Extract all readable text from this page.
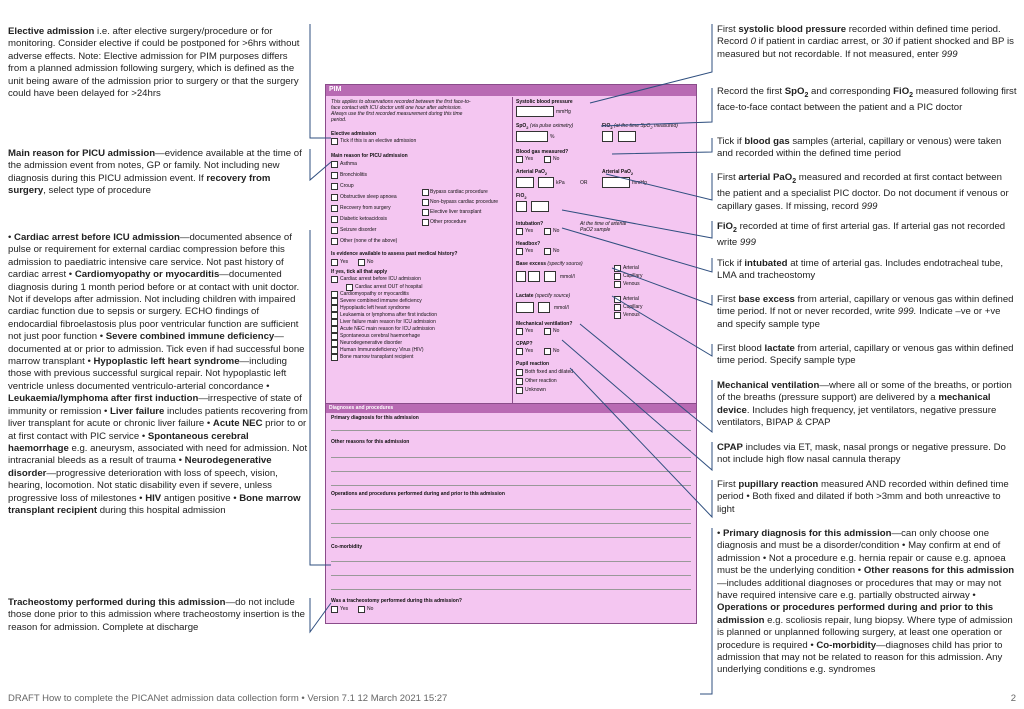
Elective admission i.e. after elective surgery/procedure or for monitoring. Consider elective if could be postponed for >6hrs without adverse effects. Note: Elective admission for PIM purposes differs from a planned admission following surgery, which is defined as the unit being aware of the admission prior to surgery or that the surgery could have been delayed for >24hrs
Main reason for PICU admission—evidence available at the time of the admission event from notes, GP or family. Not including new diagnosis during this PICU admission event. If recovery from surgery, select type of procedure
• Cardiac arrest before ICU admission—documented absence of pulse or requirement for external cardiac compression before this admission to paediatric intensive care service. Not past history of cardiac arrest • Cardiomyopathy or myocarditis—documented diagnosis during 1 month period before or at contact with unit doctor. Not if develops after admission. Not including children with impaired cardiac function due to sepsis or surgery. ECHO findings of endocardial fibroelastosis plus poor ventricular function are sufficient not just poor function • Severe combined immune deficiency—documented at or prior to admission. Tick even if had successful bone marrow transplant • Hypoplastic left heart syndrome—including those with previous successful surgical repair. Not hypoplastic left ventricle unless documented ventriculo-arterial concordance • Leukaemia/lymphoma after first induction—irrespective of state of immunity or remission • Liver failure includes patients recovering from liver transplant for acute or chronic liver failure • Acute NEC prior to or at first contact with PIC service • Spontaneous cerebral haemorrhage e.g. aneurysm, associated with need for admission. Not intracranial bleeds as a result of trauma • Neurodegenerative disorder—progressive deterioration with loss of speech, vision, hearing, locomotion. Not static disability even if severe, unless progressive loss of milestones • HIV antigen positive • Bone marrow transplant recipient during this hospital admission
Tracheostomy performed during this admission—do not include those done prior to this admission where tracheostomy insertion is the reason for admission. Complete at discharge
First systolic blood pressure recorded within defined time period. Record 0 if patient in cardiac arrest, or 30 if patient shocked and BP is measured but not recordable. If not measured, enter 999
Record the first SpO$_2$ and corresponding FiO$_2$ measured following first face-to-face contact between the patient and a PIC doctor
Tick if blood gas samples (arterial, capillary or venous) were taken and recorded within the defined time period
First arterial PaO$_2$ measured and recorded at first contact between the patient and a specialist PIC doctor. Do not document if venous or capillary gases. If missing, record 999
FiO$_2$ recorded at time of first arterial gas. If arterial gas not recorded write 999
Tick if intubated at time of arterial gas. Includes endotracheal tube, LMA and tracheostomy
First base excess from arterial, capillary or venous gas within defined time period. If not or never recorded, write 999. Indicate –ve or +ve and specify sample type
First blood lactate from arterial, capillary or venous gas within defined time period. Specify sample type
Mechanical ventilation—where all or some of the breaths, or portion of the breaths (pressure support) are delivered by a mechanical device. Includes high frequency, jet ventilators, negative pressure ventilators, BIPAP & CPAP
CPAP includes via ET, mask, nasal prongs or negative pressure. Do not include high flow nasal cannula therapy
First pupillary reaction measured AND recorded within defined time period • Both fixed and dilated if both >3mm and both unreactive to light
• Primary diagnosis for this admission—can only choose one diagnosis and must be a disorder/condition • May confirm at end of admission • Not a procedure e.g. hernia repair or cause e.g. apnoea must be the underlying condition • Other reasons for this admission—includes additional diagnoses or procedures that may or may not have required intensive care e.g. partially obstructed airway • Operations or procedures performed during and prior to this admission e.g. scoliosis repair, lung biopsy. Where type of admission is planned or unplanned following surgery, at least one operation or procedure is required • Co-morbidity—diagnoses child has prior to admission that may not be related to reason for this admission. Any underlying conditions e.g. syndromes
PIM
This applies to observations recorded between the first face-to-
face contact with ICU doctor until one hour after admission.
Always use the first recorded measurement during this time
period.
Elective admission
Tick if this is an elective admission
Main reason for PICU admission
Asthma
Bronchiolitis
Croup
Obstructive sleep apnoea
Recovery from surgery
Diabetic ketoacidosis
Seizure disorder
Other (none of the above)
Bypass cardiac procedure
Non-bypass cardiac procedure
Elective liver transplant
Other procedure
Is evidence available to assess past medical history?
Yes	No
If yes, tick all that apply
Cardiac arrest before ICU admission
Cardiac arrest OUT of hospital
Cardiomyopathy or myocarditis
Severe combined immune deficiency
Hypoplastic left heart syndrome
Leukaemia or lymphoma after first induction
Liver failure main reason for ICU admission
Acute NEC main reason for ICU admission
Spontaneous cerebral haemorrhage
Neurodegenerative disorder
Human Immunodeficiency Virus (HIV)
Bone marrow transplant recipient
Systolic blood pressure
mmHg
SpO$_2$ (via pulse oximetry)
%
FiO$_2$ (at the time SpO$_2$ measured)
Blood gas measured?
Yes	No
Arterial PaO$_2$
kPa	OR
Arterial PaO$_2$
mmHg
FiO$_2$
Intubation?
Yes	No
At the time of arterial
PaO2 sample
Headbox?
Yes	No
Base excess (specify source)
mmol/l
Arterial
Capillary
Venous
Lactate (specify source)
mmol/l
Arterial
Capillary
Venous
Mechanical ventilation?
Yes	No
CPAP?
Yes	No
Pupil reaction
Both fixed and dilated
Other reaction
Unknown
Diagnoses and procedures
Primary diagnosis for this admission
Other reasons for this admission
Operations and procedures performed during and prior to this admission
Co-morbidity
Was a tracheostomy performed during this admission?
Yes	No
DRAFT How to complete the PICANet admission data collection form • Version 7.1 12 March 2021 15:27	2
